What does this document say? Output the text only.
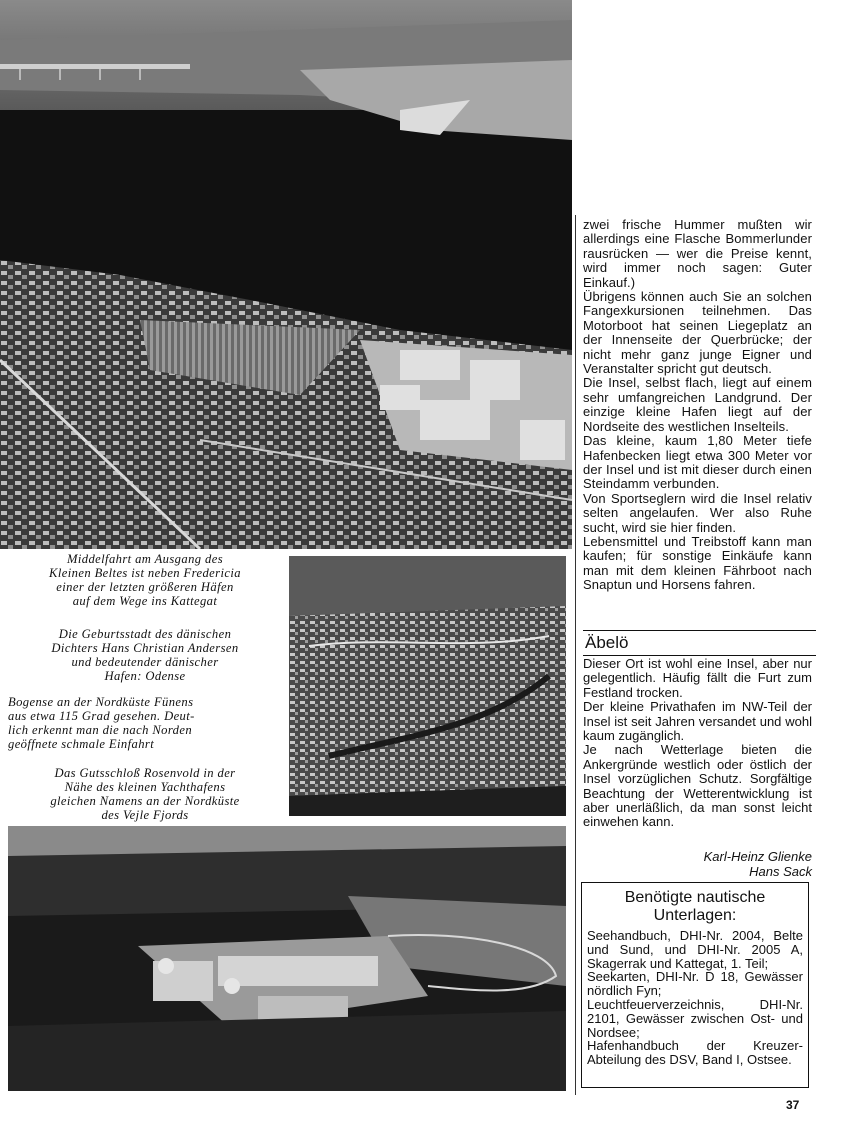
Middelfahrt am Ausgang des
Kleinen Beltes ist neben Fredericia
einer der letzten größeren Häfen
auf dem Wege ins Kattegat

Die Geburtsstadt des dänischen
Dichters Hans Christian Andersen
und bedeutender dänischer
Hafen: Odense

Bogense an der Nordküste Fünens
aus etwa 115 Grad gesehen. Deut-
lich erkennt man die nach Norden
geöffnete schmale Einfahrt

Das Gutsschloß Rosenvold in der
Nähe des kleinen Yachthafens
gleichen Namens an der Nordküste
des Vejle Fjords

zwei frische Hummer mußten wir allerdings eine Flasche Bommerlunder rausrücken — wer die Preise kennt, wird immer noch sagen: Guter Einkauf.)

Übrigens können auch Sie an solchen Fangexkursionen teilnehmen. Das Motorboot hat seinen Liegeplatz an der Innenseite der Querbrücke; der nicht mehr ganz junge Eigner und Veranstalter spricht gut deutsch.

Die Insel, selbst flach, liegt auf einem sehr umfangreichen Landgrund. Der einzige kleine Hafen liegt auf der Nordseite des westlichen Inselteils.

Das kleine, kaum 1,80 Meter tiefe Hafenbecken liegt etwa 300 Meter vor der Insel und ist mit dieser durch einen Steindamm verbunden.

Von Sportseglern wird die Insel relativ selten angelaufen. Wer also Ruhe sucht, wird sie hier finden.

Lebensmittel und Treibstoff kann man kaufen; für sonstige Einkäufe kann man mit dem kleinen Fährboot nach Snaptun und Horsens fahren.

Äbelö

Dieser Ort ist wohl eine Insel, aber nur gelegentlich. Häufig fällt die Furt zum Festland trocken.

Der kleine Privathafen im NW-Teil der Insel ist seit Jahren versandet und wohl kaum zugänglich.

Je nach Wetterlage bieten die Ankergründe westlich oder östlich der Insel vorzüglichen Schutz. Sorgfältige Beachtung der Wetterentwicklung ist aber unerläßlich, da man sonst leicht einwehen kann.

Karl-Heinz Glienke
Hans Sack
Benötigte nautische
Unterlagen:

Seehandbuch, DHI-Nr. 2004, Belte und Sund, und DHI-Nr. 2005 A, Skagerrak und Kattegat, 1. Teil;
Seekarten, DHI-Nr. D 18, Gewässer nördlich Fyn;
Leuchtfeuerverzeichnis, DHI-Nr. 2101, Gewässer zwischen Ost- und Nordsee;
Hafenhandbuch der Kreuzer-Abteilung des DSV, Band I, Ostsee.

37
